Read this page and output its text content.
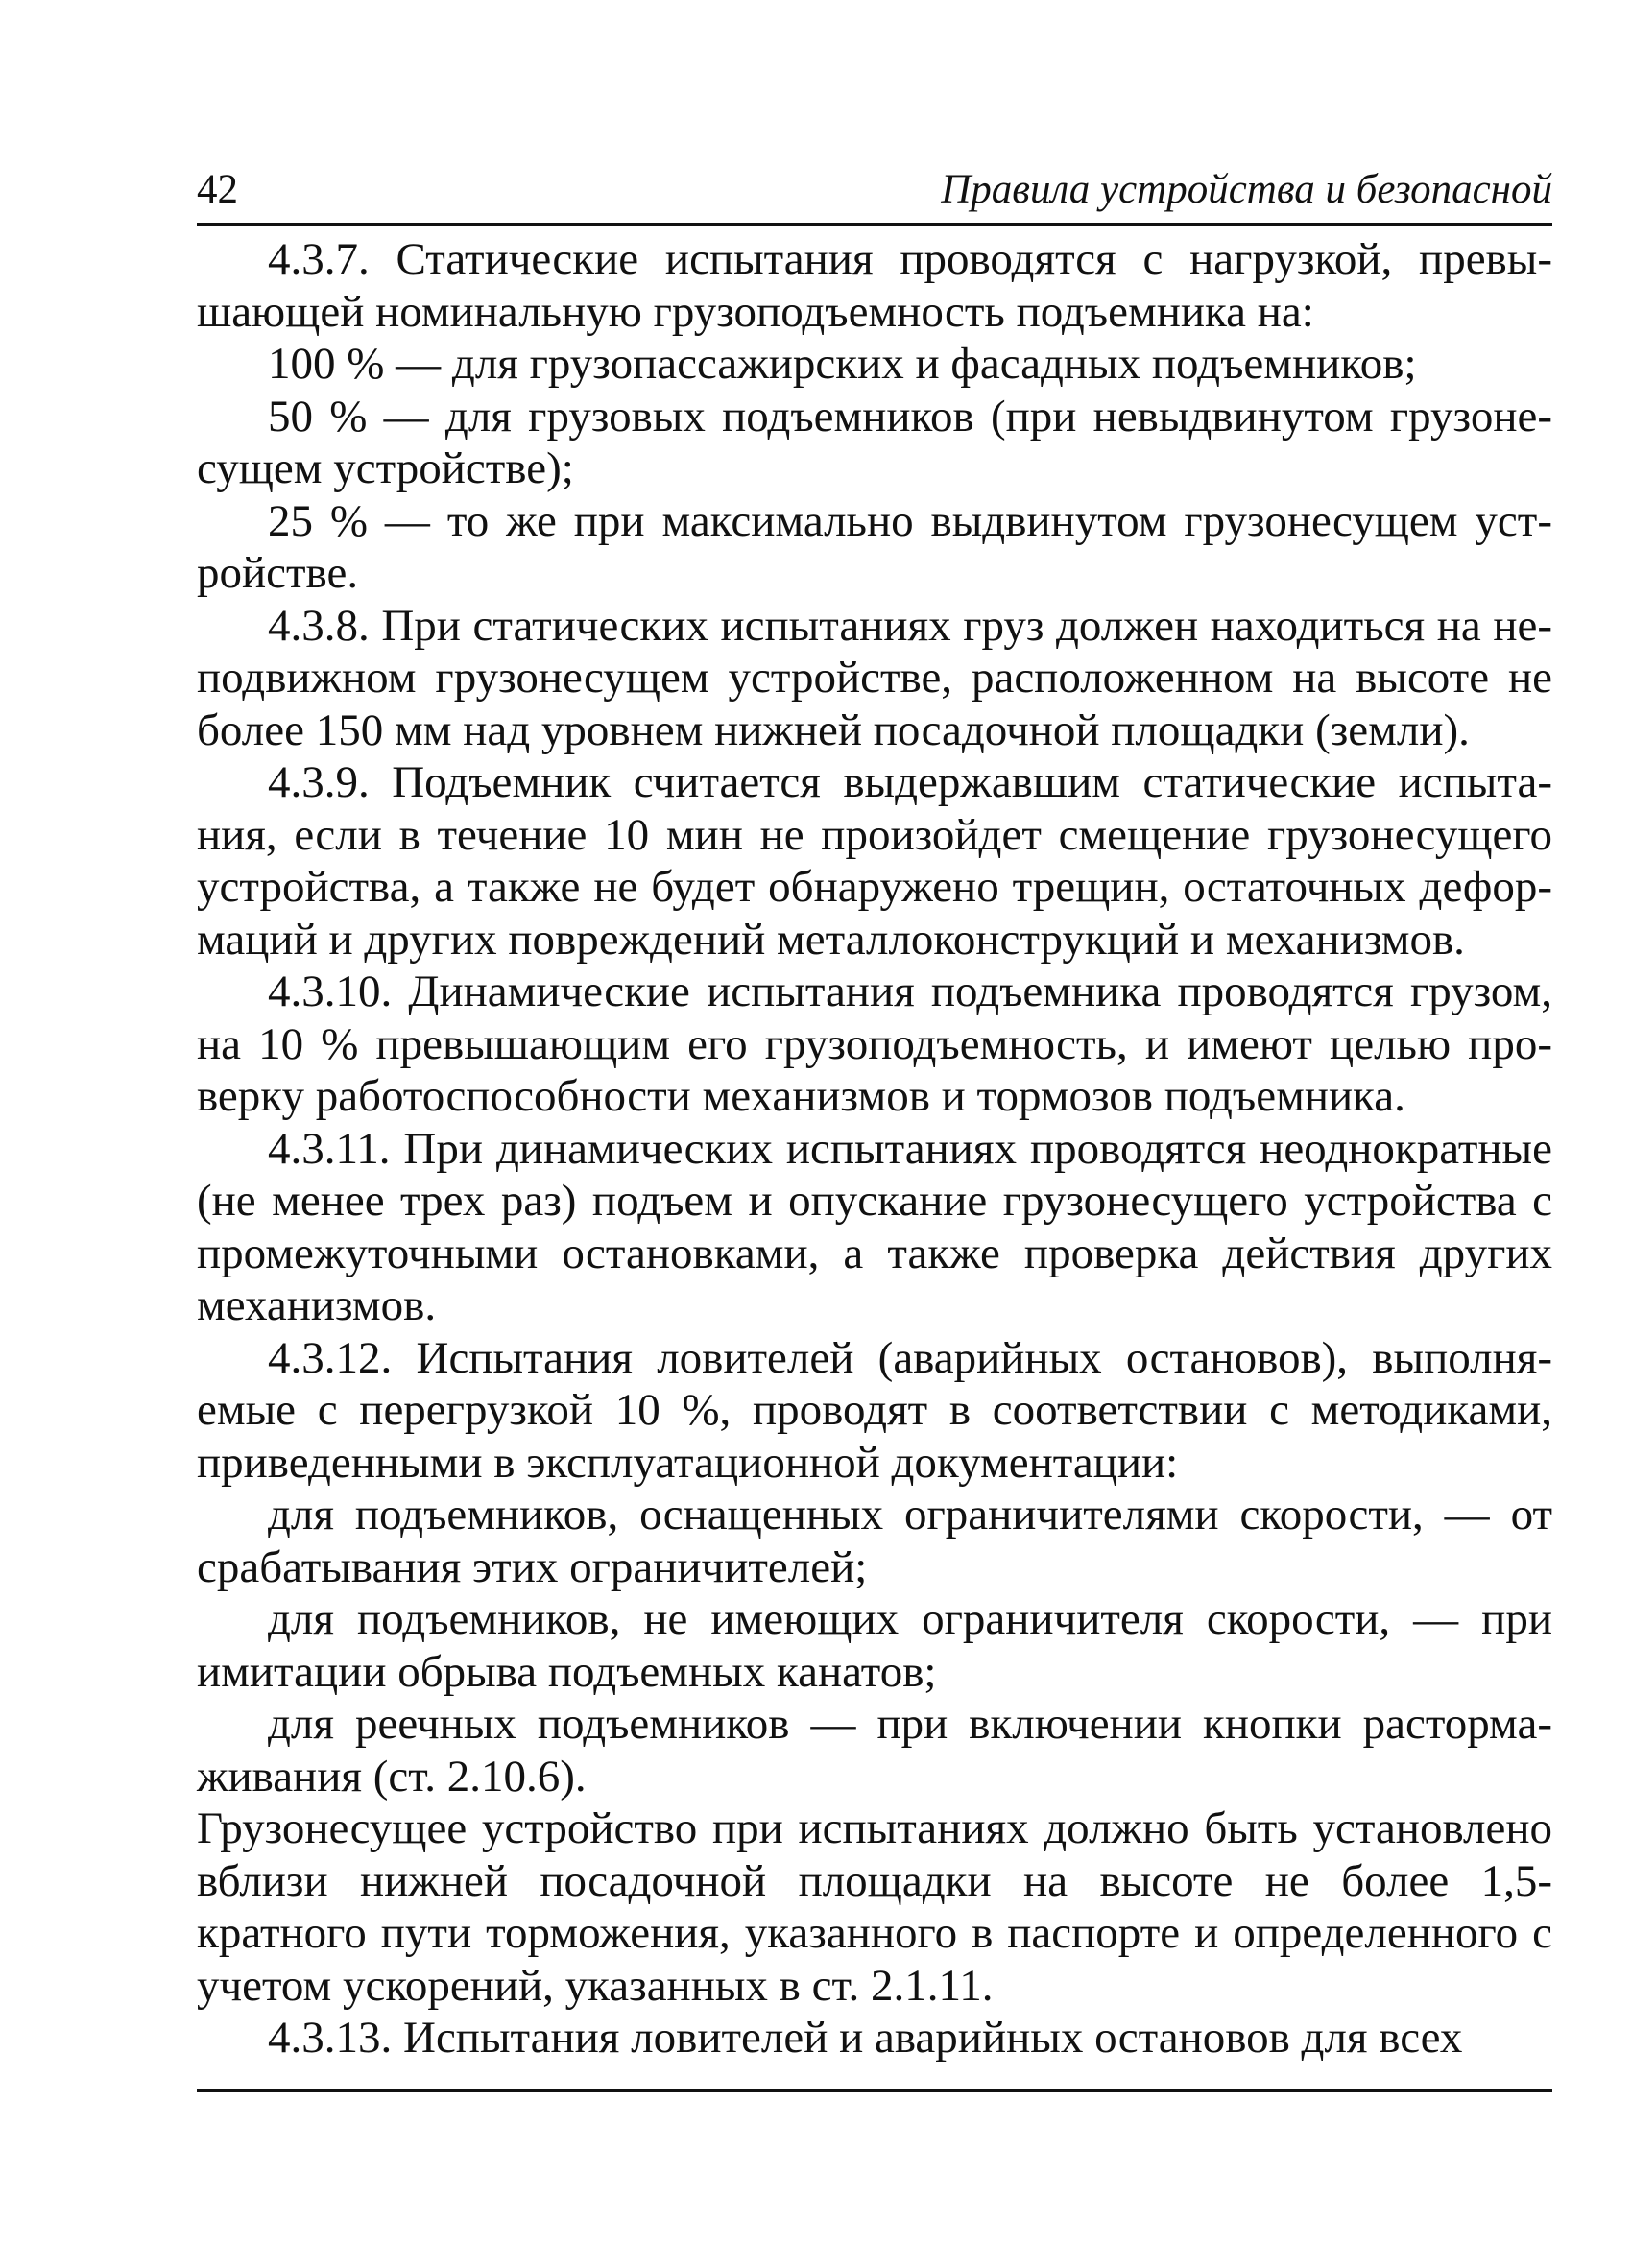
42	Правила устройства и безопасной

4.3.7. Статические испытания проводятся с нагрузкой, превышающей номинальную грузоподъемность подъемника на:

100 % — для грузопассажирских и фасадных подъемников;

50 % — для грузовых подъемников (при невыдвинутом грузонесущем устройстве);

25 % — то же при максимально выдвинутом грузонесущем устройстве.

4.3.8. При статических испытаниях груз должен находиться на неподвижном грузонесущем устройстве, расположенном на высоте не более 150 мм над уровнем нижней посадочной площадки (земли).

4.3.9. Подъемник считается выдержавшим статические испытания, если в течение 10 мин не произойдет смещение грузонесущего устройства, а также не будет обнаружено трещин, остаточных деформаций и других повреждений металлоконструкций и механизмов.

4.3.10. Динамические испытания подъемника проводятся грузом, на 10 % превышающим его грузоподъемность, и имеют целью проверку работоспособности механизмов и тормозов подъемника.

4.3.11. При динамических испытаниях проводятся неоднократные (не менее трех раз) подъем и опускание грузонесущего устройства с промежуточными остановками, а также проверка действия других механизмов.

4.3.12. Испытания ловителей (аварийных остановов), выполняемые с перегрузкой 10 %, проводят в соответствии с методиками, приведенными в эксплуатационной документации:

для подъемников, оснащенных ограничителями скорости, — от срабатывания этих ограничителей;

для подъемников, не имеющих ограничителя скорости, — при имитации обрыва подъемных канатов;

для реечных подъемников — при включении кнопки растормаживания (ст. 2.10.6).

Грузонесущее устройство при испытаниях должно быть установлено вблизи нижней посадочной площадки на высоте не более 1,5-кратного пути торможения, указанного в паспорте и определенного с учетом ускорений, указанных в ст. 2.1.11.

4.3.13. Испытания ловителей и аварийных остановов для всех
